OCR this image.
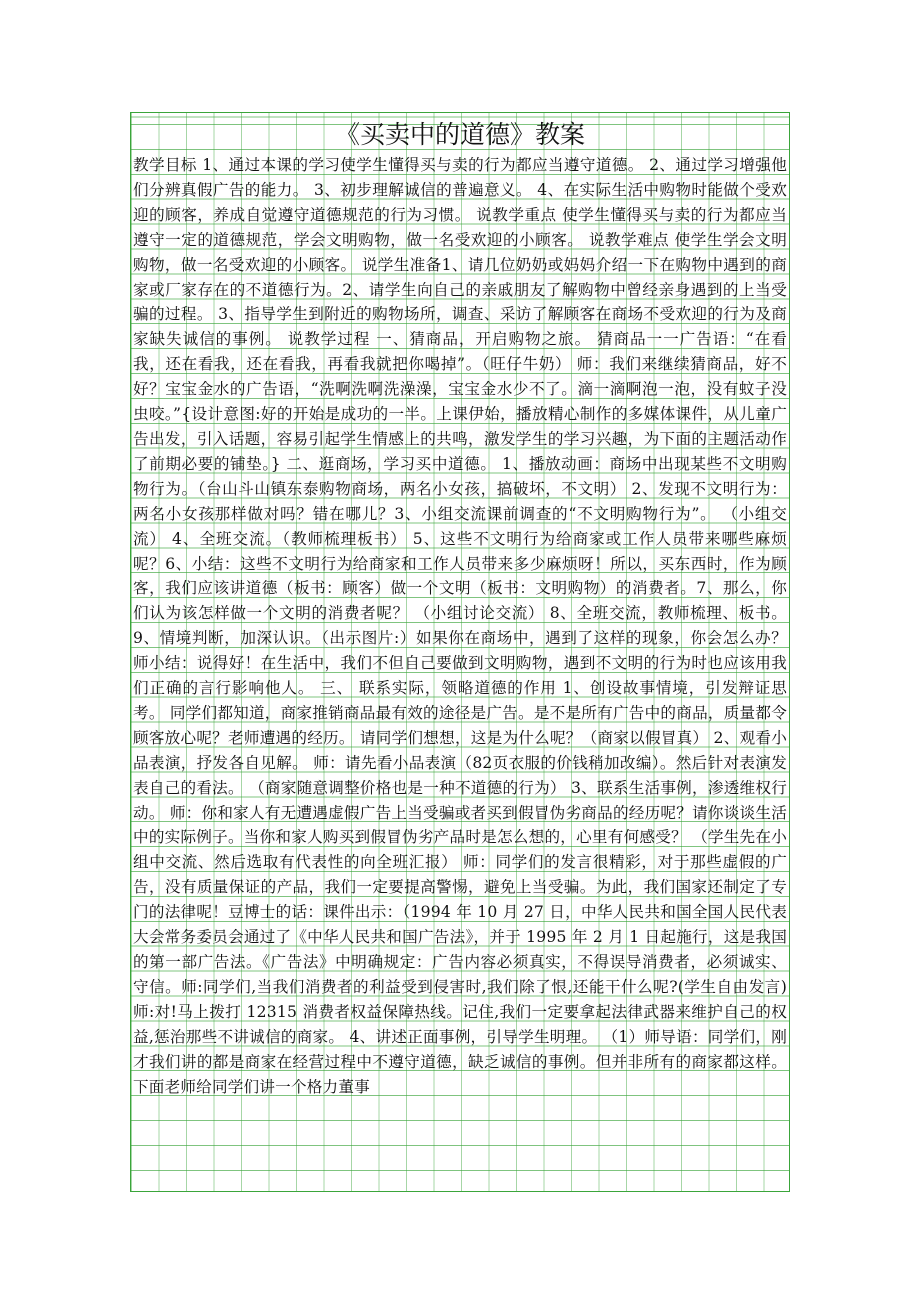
《买卖中的道德》教案

教学目标 1、通过本课的学习使学生懂得买与卖的行为都应当遵守道德。 2、通过学习增强他们分辨真假广告的能力。 3、初步理解诚信的普遍意义。 4、在实际生活中购物时能做个受欢迎的顾客，养成自觉遵守道德规范的行为习惯。 说教学重点 使学生懂得买与卖的行为都应当遵守一定的道德规范，学会文明购物，做一名受欢迎的小顾客。 说教学难点 使学生学会文明购物，做一名受欢迎的小顾客。 说学生准备1、请几位奶奶或妈妈介绍一下在购物中遇到的商家或厂家存在的不道德行为。2、请学生向自己的亲戚朋友了解购物中曾经亲身遇到的上当受骗的过程。 3、指导学生到附近的购物场所，调查、采访了解顾客在商场不受欢迎的行为及商家缺失诚信的事例。 说教学过程 一、猜商品，开启购物之旅。 猜商品一一广告语：“在看我，还在看我，还在看我，再看我就把你喝掉”。（旺仔牛奶） 师：我们来继续猜商品，好不好？宝宝金水的广告语，“洗啊洗啊洗澡澡，宝宝金水少不了。滴一滴啊泡一泡，没有蚊子没虫咬。”{设计意图:好的开始是成功的一半。上课伊始，播放精心制作的多媒体课件，从儿童广告出发，引入话题，容易引起学生情感上的共鸣，激发学生的学习兴趣，为下面的主题活动作了前期必要的铺垫。} 二、逛商场，学习买中道德。 1、播放动画：商场中出现某些不文明购物行为。（台山斗山镇东泰购物商场，两名小女孩，搞破坏，不文明） 2、发现不文明行为：两名小女孩那样做对吗？错在哪儿？3、小组交流课前调查的“不文明购物行为”。 （小组交流） 4、全班交流。（教师梳理板书） 5、这些不文明行为给商家或工作人员带来哪些麻烦呢？6、小结：这些不文明行为给商家和工作人员带来多少麻烦呀！所以，买东西时，作为顾客，我们应该讲道德（板书：顾客）做一个文明（板书：文明购物）的消费者。7、那么，你们认为该怎样做一个文明的消费者呢？ （小组讨论交流） 8、全班交流，教师梳理、板书。 9、情境判断，加深认识。（出示图片:）如果你在商场中，遇到了这样的现象，你会怎么办？ 师小结：说得好！在生活中，我们不但自己要做到文明购物，遇到不文明的行为时也应该用我们正确的言行影响他人。 三、 联系实际，领略道德的作用 1、创设故事情境，引发辩证思考。 同学们都知道，商家推销商品最有效的途径是广告。是不是所有广告中的商品，质量都令顾客放心呢？老师遭遇的经历。 请同学们想想，这是为什么呢？（商家以假冒真） 2、观看小品表演，抒发各自见解。 师：请先看小品表演（82页衣服的价钱稍加改编）。然后针对表演发表自己的看法。 （商家随意调整价格也是一种不道德的行为） 3、联系生活事例，渗透维权行动。 师：你和家人有无遭遇虚假广告上当受骗或者买到假冒伪劣商品的经历呢？请你谈谈生活中的实际例子。当你和家人购买到假冒伪劣产品时是怎么想的，心里有何感受？ （学生先在小组中交流、然后选取有代表性的向全班汇报） 师：同学们的发言很精彩，对于那些虚假的广告，没有质量保证的产品，我们一定要提高警惕，避免上当受骗。为此，我们国家还制定了专门的法律呢！豆博士的话：课件出示：（1994 年 10 月 27 日，中华人民共和国全国人民代表大会常务委员会通过了《中华人民共和国广告法》，并于 1995 年 2 月 1 日起施行，这是我国的第一部广告法。《广告法》中明确规定：广告内容必须真实，不得误导消费者，必须诚实、守信。师:同学们,当我们消费者的利益受到侵害时,我们除了恨,还能干什么呢?(学生自由发言) 师:对!马上拨打 12315 消费者权益保障热线。记住,我们一定要拿起法律武器来维护自己的权益,惩治那些不讲诚信的商家。 4、讲述正面事例，引导学生明理。 （1）师导语：同学们，刚才我们讲的都是商家在经营过程中不遵守道德，缺乏诚信的事例。但并非所有的商家都这样。下面老师给同学们讲一个格力董事
